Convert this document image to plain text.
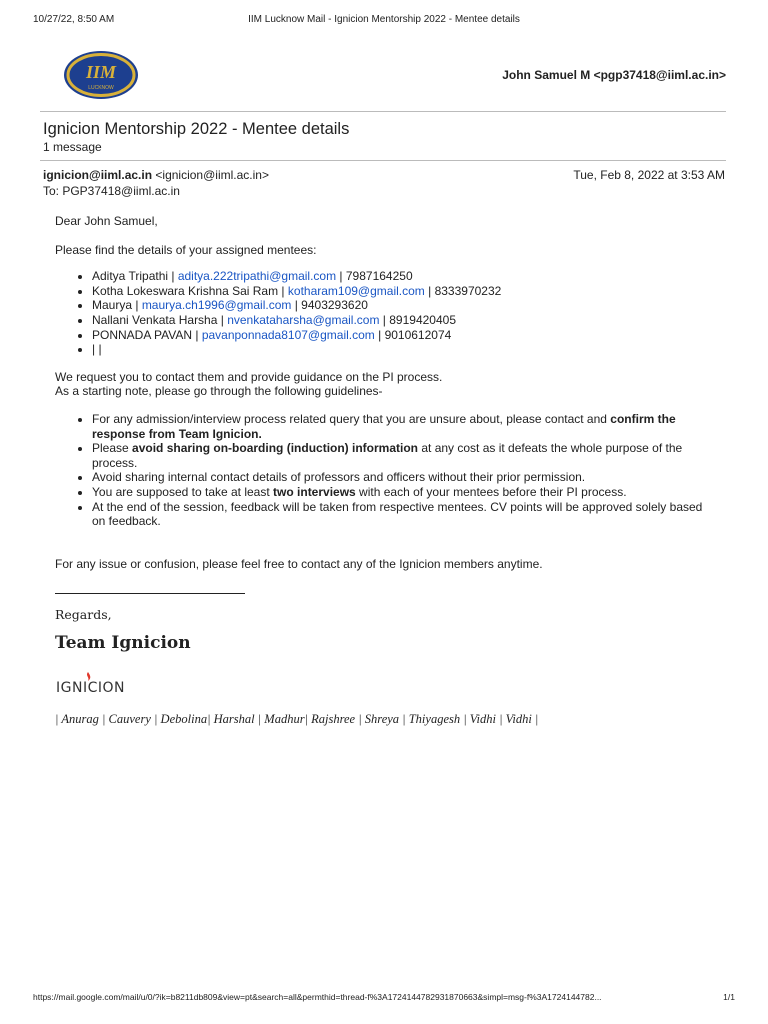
10/27/22, 8:50 AM	IIM Lucknow Mail - Ignicion Mentorship 2022 - Mentee details
IIM
LUCKNOW
John Samuel M <pgp37418@iiml.ac.in>
Ignicion Mentorship 2022 - Mentee details
1 message
ignicion@iiml.ac.in <ignicion@iiml.ac.in>	Tue, Feb 8, 2022 at 3:53 AM
To: PGP37418@iiml.ac.in

Dear John Samuel,

Please find the details of your assigned mentees:

• Aditya Tripathi | aditya.222tripathi@gmail.com | 7987164250
• Kotha Lokeswara Krishna Sai Ram | kotharam109@gmail.com | 8333970232
• Maurya | maurya.ch1996@gmail.com | 9403293620
• Nallani Venkata Harsha | nvenkataharsha@gmail.com | 8919420405
• PONNADA PAVAN | pavanponnada8107@gmail.com | 9010612074
• | |

We request you to contact them and provide guidance on the PI process.

As a starting note, please go through the following guidelines-

• For any admission/interview process related query that you are unsure about, please contact and confirm the response from Team Ignicion.
• Please avoid sharing on-boarding (induction) information at any cost as it defeats the whole purpose of the process.
• Avoid sharing internal contact details of professors and officers without their prior permission.
• You are supposed to take at least two interviews with each of your mentees before their PI process.
• At the end of the session, feedback will be taken from respective mentees. CV points will be approved solely based on feedback.

For any issue or confusion, please feel free to contact any of the Ignicion members anytime.

Regards,
Team Ignicion
IGNICION
| Anurag | Cauvery | Debolina| Harshal | Madhur| Rajshree | Shreya | Thiyagesh | Vidhi | Vidhi |
https://mail.google.com/mail/u/0/?ik=b8211db809&view=pt&search=all&permthid=thread-f%3A1724144782931870663&simpl=msg-f%3A1724144782...	1/1
